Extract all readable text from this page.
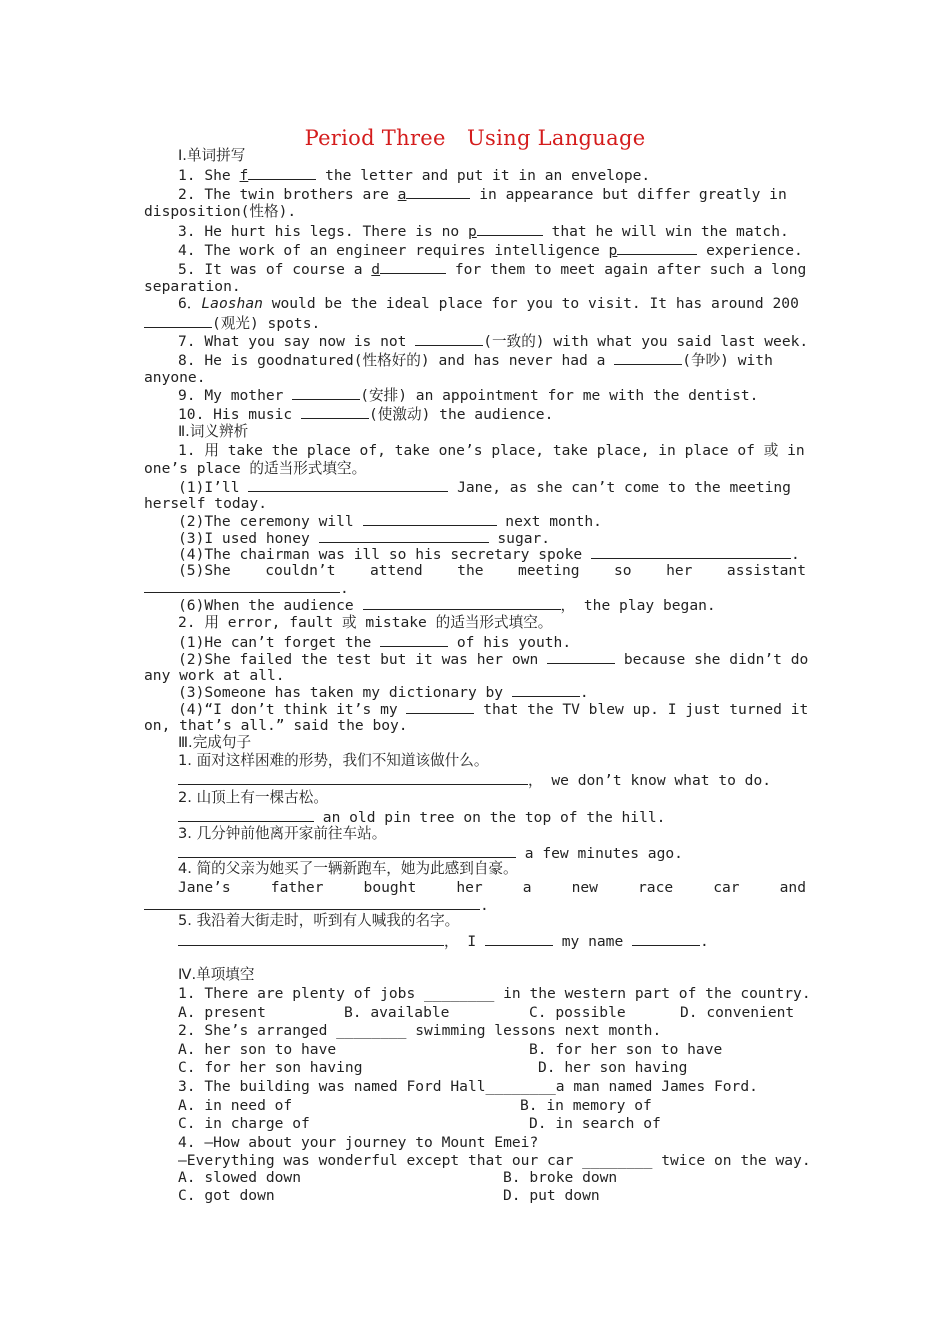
Period Three　Using Language
Ⅰ.单词拼写
1. She f	the letter and put it in an envelope.
2. The twin brothers are a	in appearance but differ greatly in
disposition(性格).
3. He hurt his legs. There is no p	that he will win the match.
4. The work of an engineer requires intelligence p	experience.
5. It was of course a d	for them to meet again after such a long
separation.
6．Laoshan would be the ideal place for you to visit. It has around 200
(观光) spots.
7. What you say now is not	(一致的) with what you said last week.
8. He is goodnatured(性格好的) and has never had a	(争吵) with
anyone.
9. My mother	(安排) an appointment for me with the dentist.
10. His music	(使激动) the audience.
Ⅱ.词义辨析
1. 用 take the place of, take one’s place, take place, in place of 或 in
one’s place 的适当形式填空。
(1)I’ll	Jane, as she can’t come to the meeting
herself today.
(2)The ceremony will	next month.
(3)I used honey	sugar.
(4)The chairman was ill so his secretary spoke	.
(5)She couldn’t attend the meeting so her assistant
.
(6)When the audience	， the play began.
2. 用 error, fault 或 mistake 的适当形式填空。
(1)He can’t forget the	of his youth.
(2)She failed the test but it was her own	because she didn’t do
any work at all.
(3)Someone has taken my dictionary by	.
(4)“I don’t think it’s my	that the TV blew up. I just turned it
on, that’s all.” said the boy.
Ⅲ.完成句子
1. 面对这样困难的形势，我们不知道该做什么。
， we don’t know what to do.
2. 山顶上有一棵古松。
an old pin tree on the top of the hill.
3. 几分钟前他离开家前往车站。
a few minutes ago.
4. 简的父亲为她买了一辆新跑车，她为此感到自豪。
Jane’s father bought her a new race car and
.
5. 我沿着大街走时，听到有人喊我的名字。
， I	my name	.
Ⅳ.单项填空
1. There are plenty of jobs ________ in the western part of the country.
A. present	B. available	C. possible	D. convenient
2. She’s arranged ________ swimming lessons next month.
A. her son to have	B. for her son to have
C. for her son having	D. her son having
3. The building was named Ford Hall________a man named James Ford.
A. in need of	B. in memory of
C. in charge of	D. in search of
4. —How about your journey to Mount Emei?
—Everything was wonderful except that our car ________ twice on the way.
A. slowed down	B. broke down
C. got down	D. put down
